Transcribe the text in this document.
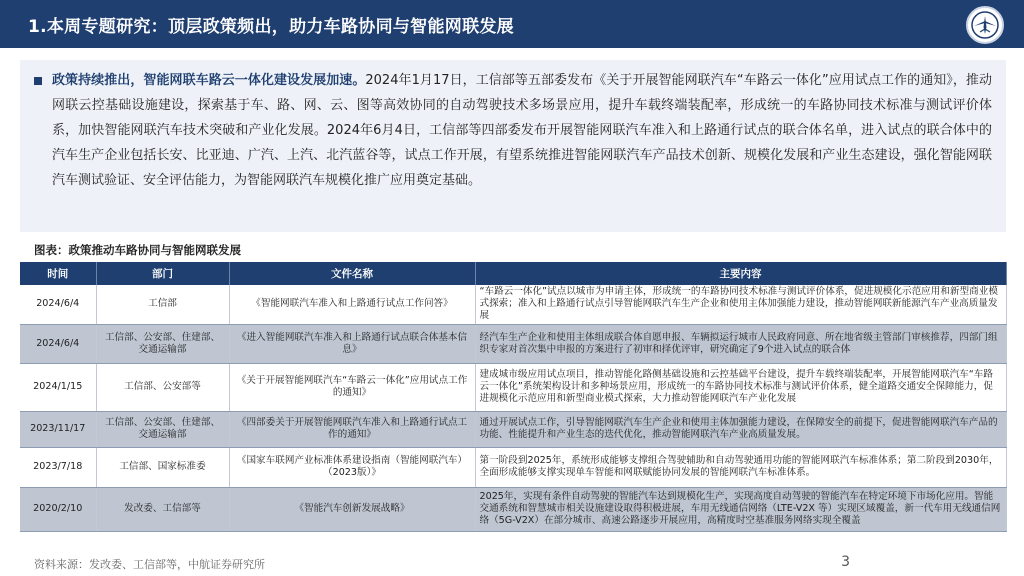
1.本周专题研究：顶层政策频出，助力车路协同与智能网联发展

政策持续推出，智能网联车路云一体化建设发展加速。2024年1月17日，工信部等五部委发布《关于开展智能网联汽车“车路云一体化”应用试点工作的通知》，推动网联云控基础设施建设，探索基于车、路、网、云、图等高效协同的自动驾驶技术多场景应用，提升车载终端装配率，形成统一的车路协同技术标准与测试评价体系，加快智能网联汽车技术突破和产业化发展。2024年6月4日，工信部等四部委发布开展智能网联汽车准入和上路通行试点的联合体名单，进入试点的联合体中的汽车生产企业包括长安、比亚迪、广汽、上汽、北汽蓝谷等，试点工作开展，有望系统推进智能网联汽车产品技术创新、规模化发展和产业生态建设，强化智能网联汽车测试验证、安全评估能力，为智能网联汽车规模化推广应用奠定基础。

图表：政策推动车路协同与智能网联发展
时间	部门	文件名称	主要内容
2024/6/4	工信部	《智能网联汽车准入和上路通行试点工作问答》	“车路云一体化”试点以城市为申请主体，形成统一的车路协同技术标准与测试评价体系，促进规模化示范应用和新型商业模式探索；准入和上路通行试点引导智能网联汽车生产企业和使用主体加强能力建设，推动智能网联新能源汽车产业高质量发展
2024/6/4	工信部、公安部、住建部、交通运输部	《进入智能网联汽车准入和上路通行试点联合体基本信息》	经汽车生产企业和使用主体组成联合体自愿申报、车辆拟运行城市人民政府同意、所在地省级主管部门审核推荐，四部门组织专家对首次集中申报的方案进行了初审和择优评审，研究确定了9个进入试点的联合体
2024/1/15	工信部、公安部等	《关于开展智能网联汽车“车路云一体化”应用试点工作的通知》	建成城市级应用试点项目，推动智能化路侧基础设施和云控基础平台建设，提升车载终端装配率，开展智能网联汽车“车路云一体化”系统架构设计和多种场景应用，形成统一的车路协同技术标准与测试评价体系，健全道路交通安全保障能力，促进规模化示范应用和新型商业模式探索，大力推动智能网联汽车产业化发展
2023/11/17	工信部、公安部、住建部、交通运输部	《四部委关于开展智能网联汽车准入和上路通行试点工作的通知》	通过开展试点工作，引导智能网联汽车生产企业和使用主体加强能力建设，在保障安全的前提下，促进智能网联汽车产品的功能、性能提升和产业生态的迭代优化，推动智能网联汽车产业高质量发展。
2023/7/18	工信部、国家标准委	《国家车联网产业标准体系建设指南（智能网联汽车）（2023版）》	第一阶段到2025年，系统形成能够支撑组合驾驶辅助和自动驾驶通用功能的智能网联汽车标准体系；第二阶段到2030年，全面形成能够支撑实现单车智能和网联赋能协同发展的智能网联汽车标准体系。
2020/2/10	发改委、工信部等	《智能汽车创新发展战略》	2025年，实现有条件自动驾驶的智能汽车达到规模化生产，实现高度自动驾驶的智能汽车在特定环境下市场化应用。智能交通系统和智慧城市相关设施建设取得积极进展，车用无线通信网络（LTE-V2X 等）实现区域覆盖，新一代车用无线通信网络（5G-V2X）在部分城市、高速公路逐步开展应用，高精度时空基准服务网络实现全覆盖
资料来源：发改委、工信部等，中航证券研究所	3
